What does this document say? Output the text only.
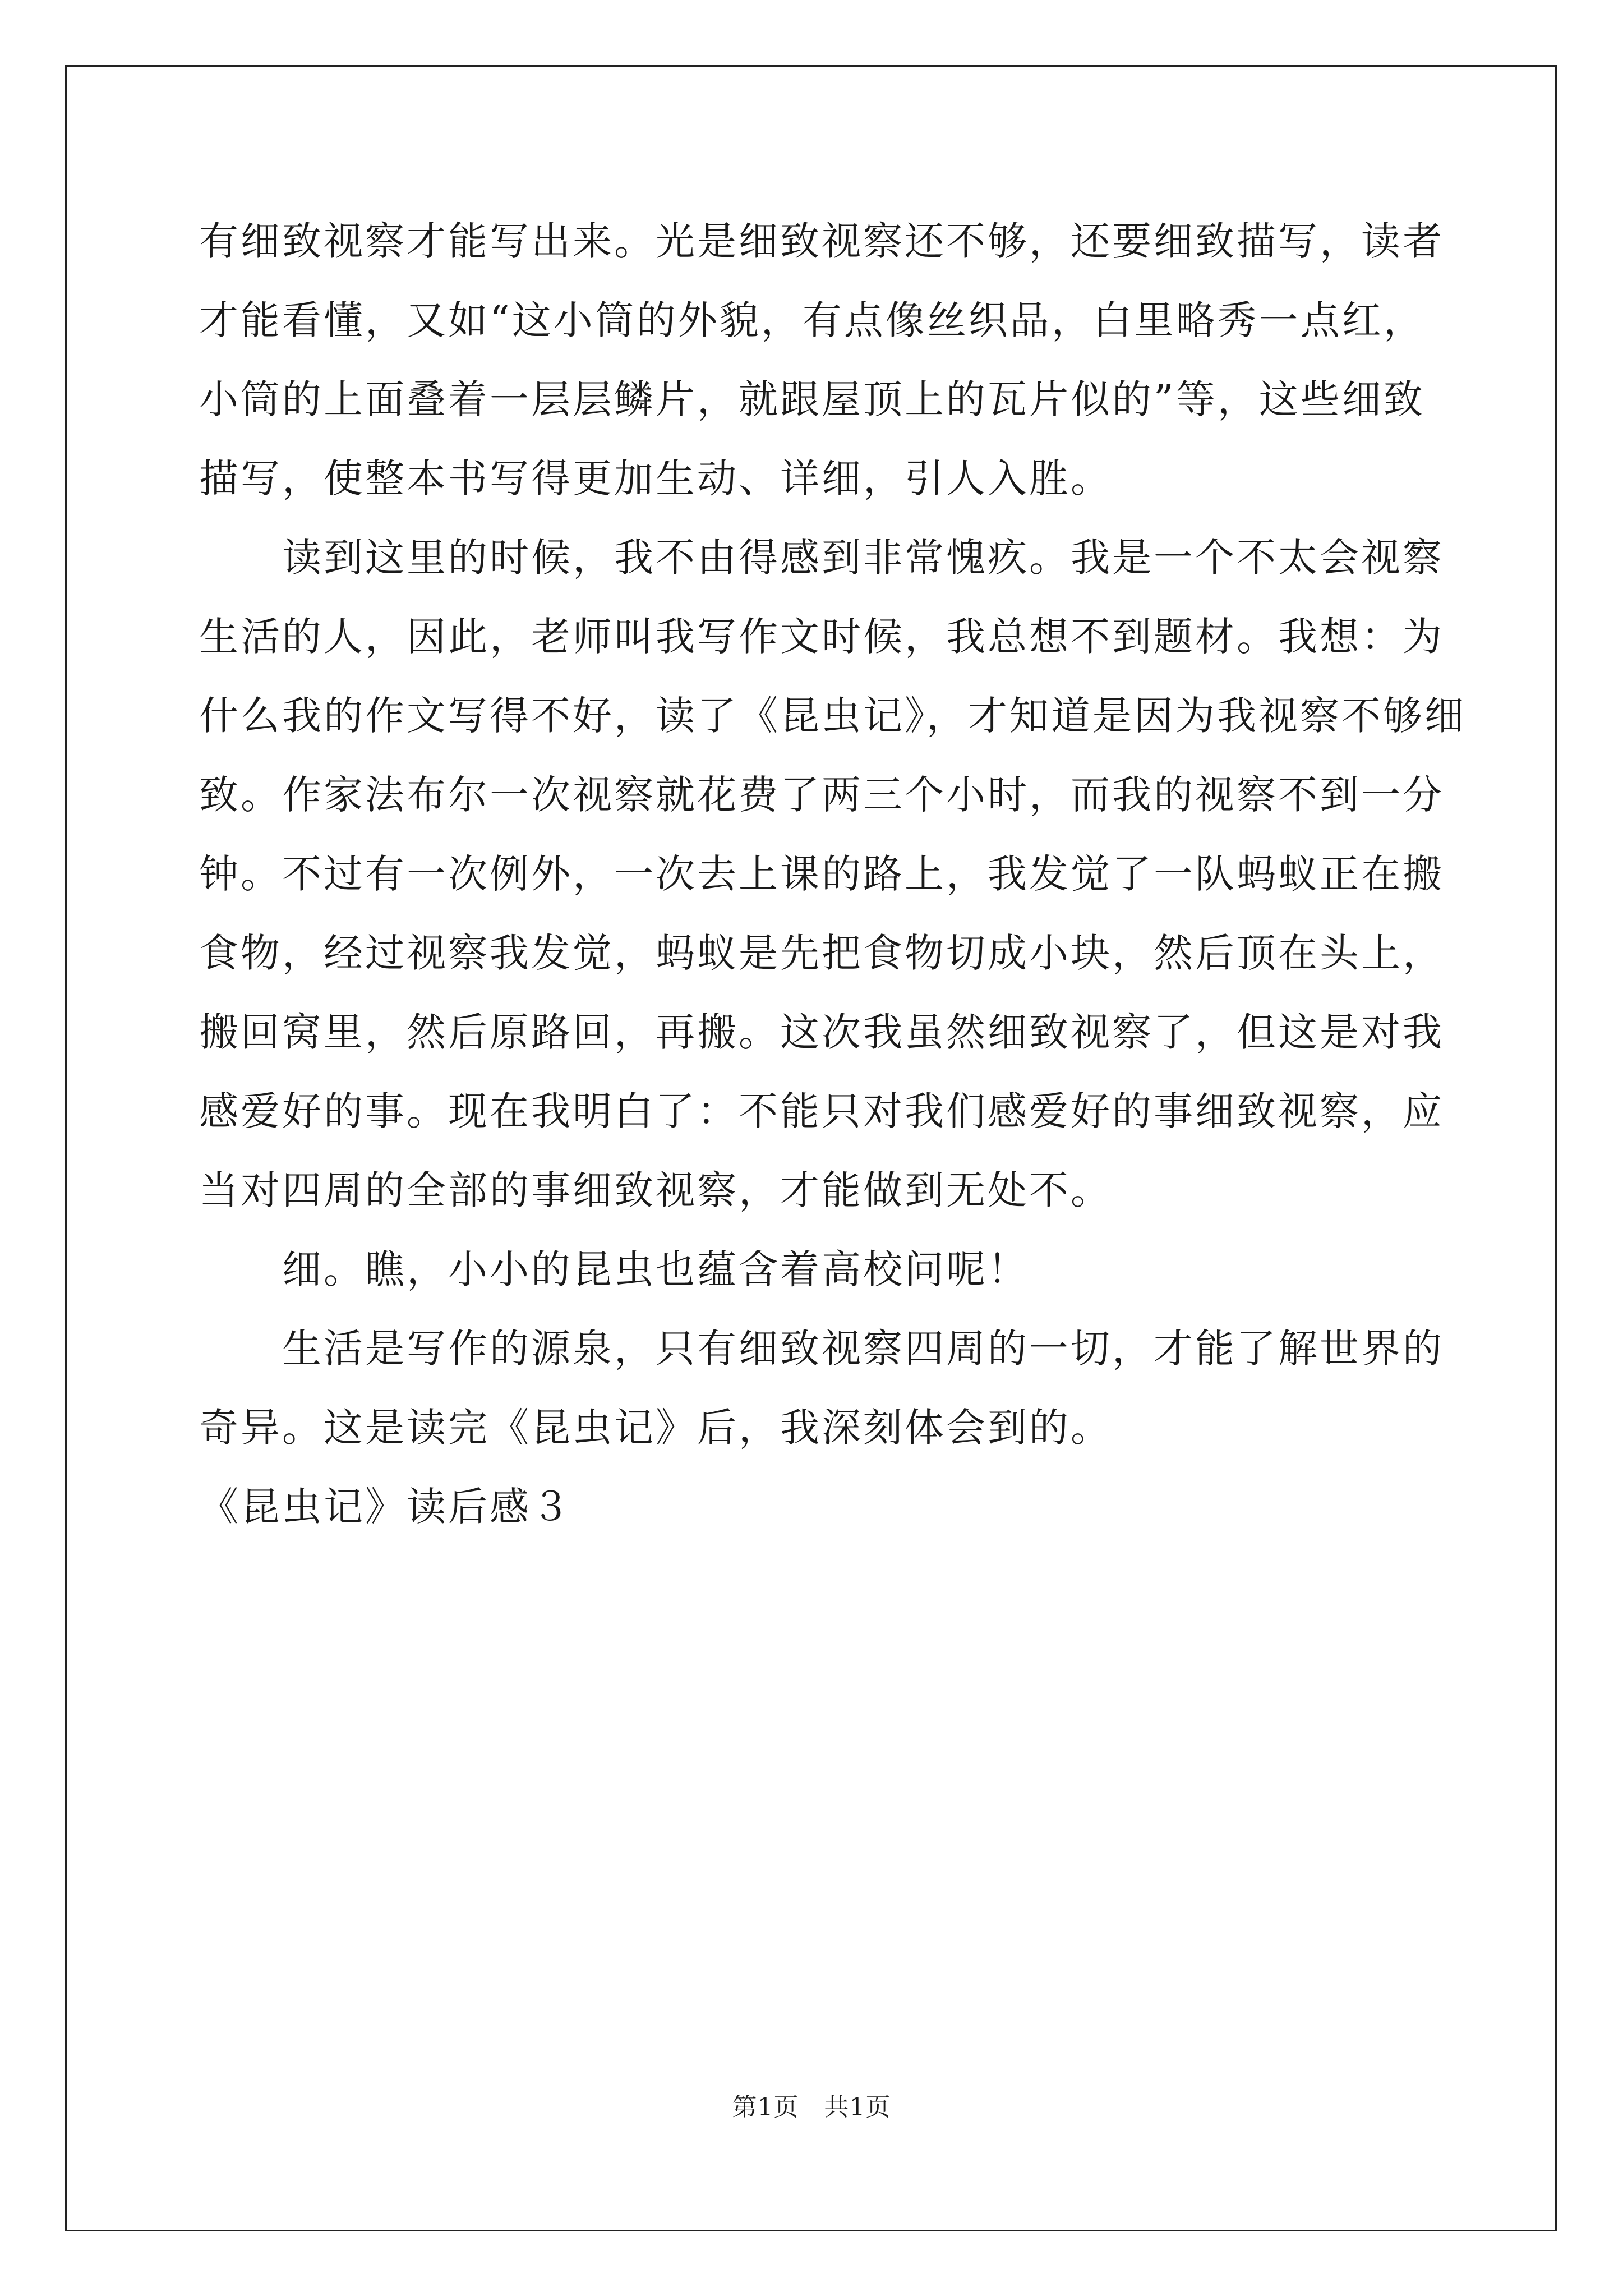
有细致视察才能写出来。光是细致视察还不够，还要细致描写，读者

才能看懂，又如“这小筒的外貌，有点像丝织品，白里略秀一点红，

小筒的上面叠着一层层鳞片，就跟屋顶上的瓦片似的”等，这些细致

描写，使整本书写得更加生动、详细，引人入胜。

读到这里的时候，我不由得感到非常愧疚。我是一个不太会视察

生活的人，因此，老师叫我写作文时候，我总想不到题材。我想：为

什么我的作文写得不好，读了《昆虫记》，才知道是因为我视察不够细

致。作家法布尔一次视察就花费了两三个小时，而我的视察不到一分

钟。不过有一次例外，一次去上课的路上，我发觉了一队蚂蚁正在搬

食物，经过视察我发觉，蚂蚁是先把食物切成小块，然后顶在头上，

搬回窝里，然后原路回，再搬。这次我虽然细致视察了，但这是对我

感爱好的事。现在我明白了：不能只对我们感爱好的事细致视察，应

当对四周的全部的事细致视察，才能做到无处不。

细。瞧，小小的昆虫也蕴含着高校问呢！

生活是写作的源泉，只有细致视察四周的一切，才能了解世界的

奇异。这是读完《昆虫记》后，我深刻体会到的。

《昆虫记》读后感３

第1页　共1页
